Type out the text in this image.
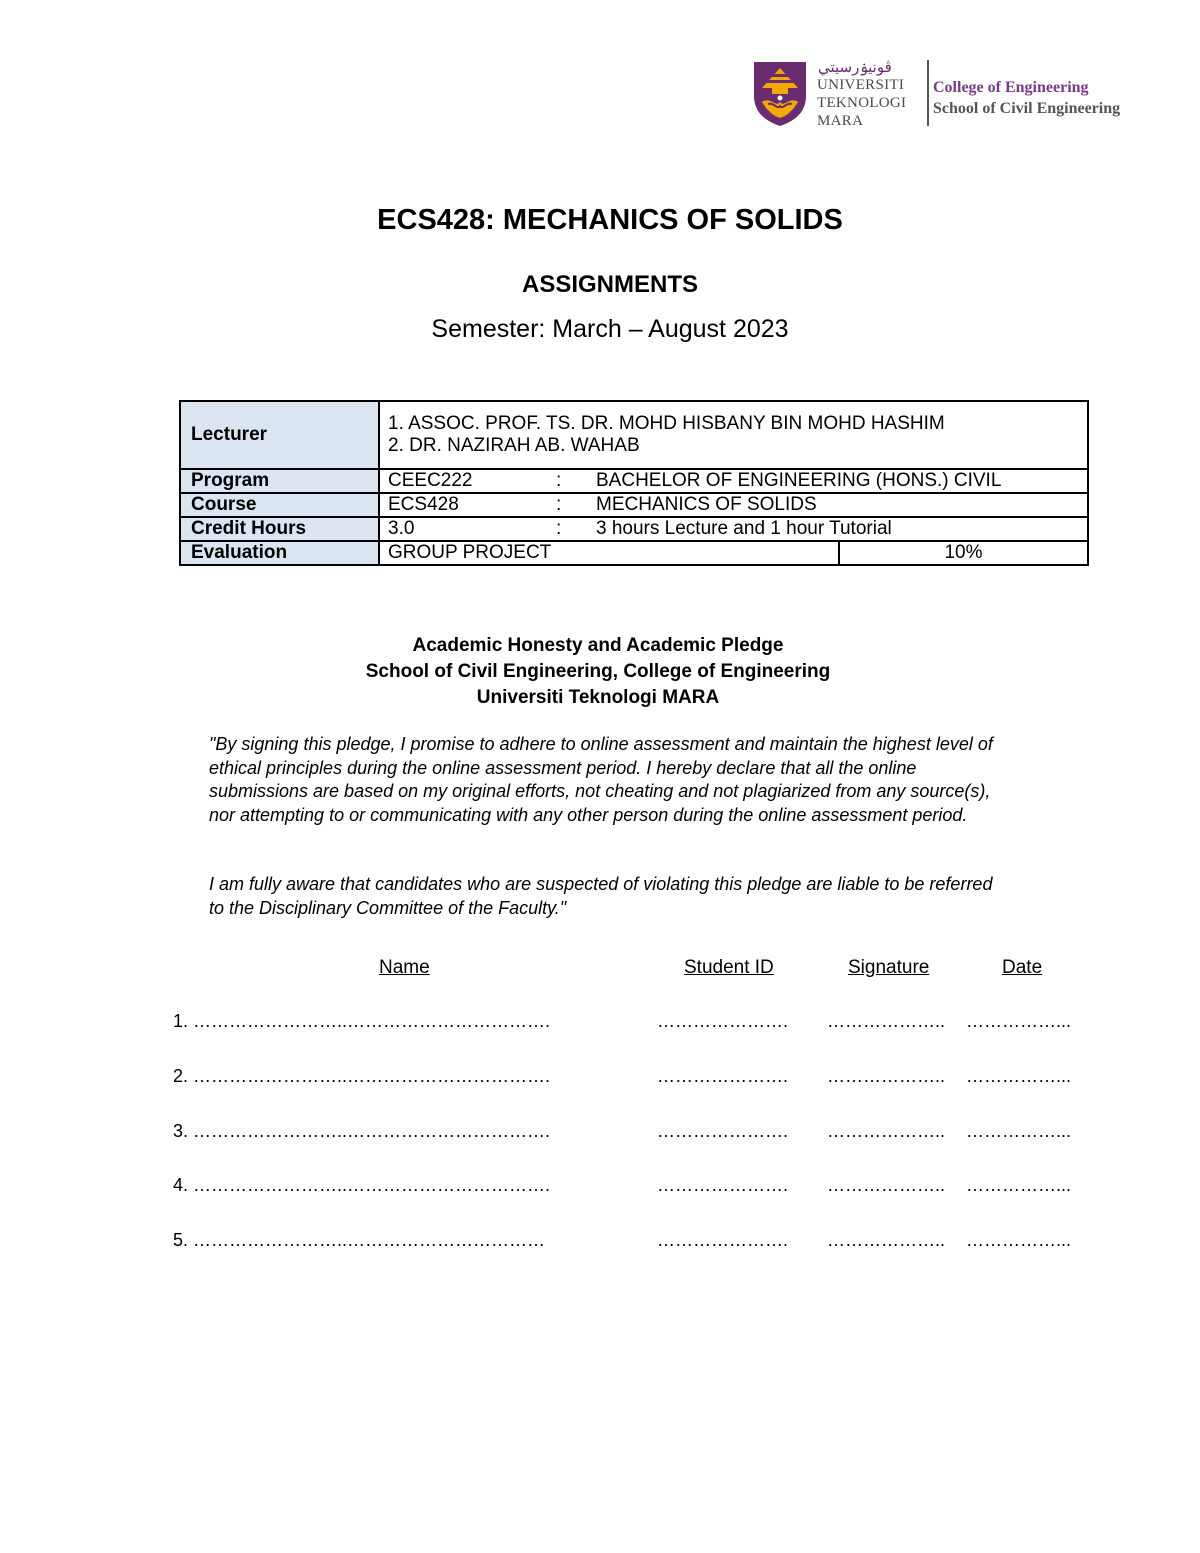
ڤونيۏرسيتي
UNIVERSITI
TEKNOLOGI
MARA
College of Engineering
School of Civil Engineering
ECS428: MECHANICS OF SOLIDS
ASSIGNMENTS
Semester: March – August 2023
Lecturer	1. ASSOC. PROF. TS. DR. MOHD HISBANY BIN MOHD HASHIM
2. DR. NAZIRAH AB. WAHAB	

Program	CEEC222 : BACHELOR OF ENGINEERING (HONS.) CIVIL	
Course	ECS428 : MECHANICS OF SOLIDS	
Credit Hours	3.0 : 3 hours Lecture and 1 hour Tutorial	
Evaluation	GROUP PROJECT	10%
Academic Honesty and Academic Pledge
School of Civil Engineering, College of Engineering
Universiti Teknologi MARA
"By signing this pledge, I promise to adhere to online assessment and maintain the highest level of ethical principles during the online assessment period. I hereby declare that all the online submissions are based on my original efforts, not cheating and not plagiarized from any source(s), nor attempting to or communicating with any other person during the online assessment period.
I am fully aware that candidates who are suspected of violating this pledge are liable to be referred to the Disciplinary Committee of the Faculty."
Name	Student ID	Signature	Date
1. ……………………..…………………………….	…………………. ……………….. ……………...
2. ……………………..…………………………….	…………………. ……………….. ……………...
3. ……………………..…………………………….	…………………. ……………….. ……………...
4. ……………………..…………………………….	…………………. ……………….. ……………...
5. ……………………..……………………………	…………………. ……………….. ……………...
